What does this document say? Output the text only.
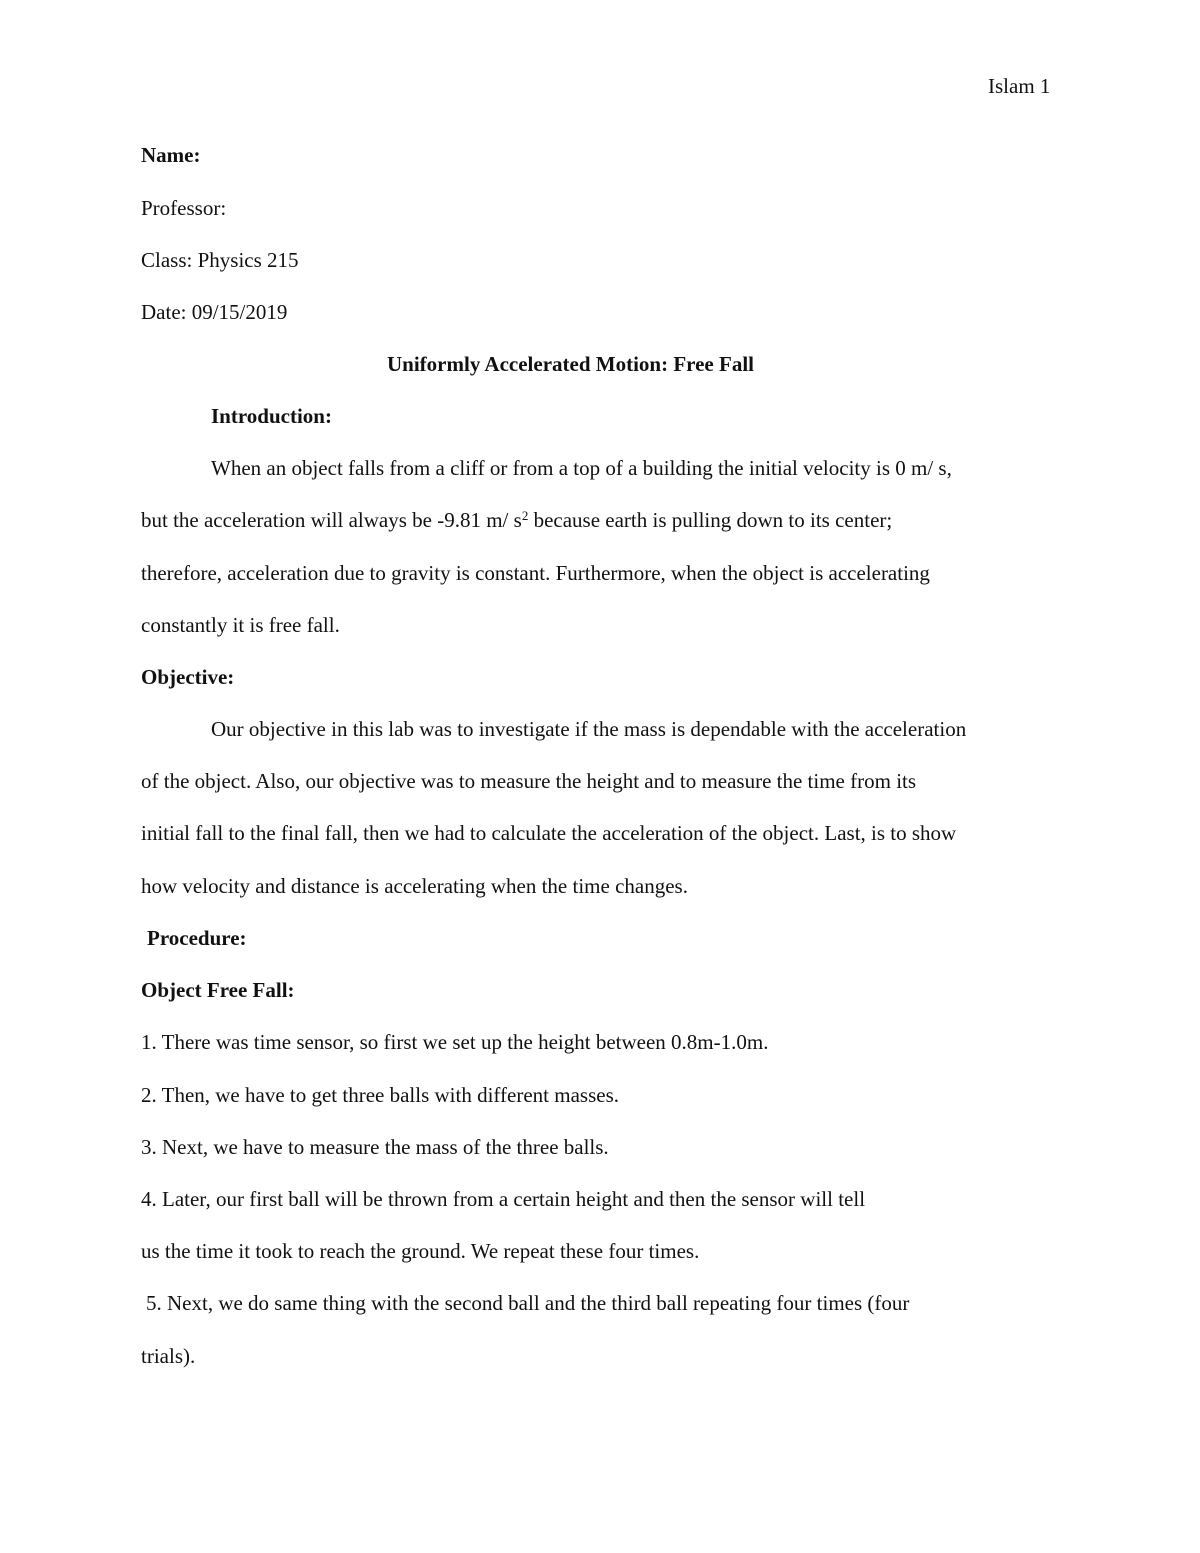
Islam 1
Name:
Professor:
Class: Physics 215
Date: 09/15/2019
Uniformly Accelerated Motion: Free Fall
Introduction:
When an object falls from a cliff or from a top of a building the initial velocity is 0 m/ s,
but the acceleration will always be -9.81 m/ $s^2$ because earth is pulling down to its center;
therefore, acceleration due to gravity is constant. Furthermore, when the object is accelerating
constantly it is free fall.
Objective:
Our objective in this lab was to investigate if the mass is dependable with the acceleration
of the object. Also, our objective was to measure the height and to measure the time from its
initial fall to the final fall, then we had to calculate the acceleration of the object. Last, is to show
how velocity and distance is accelerating when the time changes.
Procedure:
Object Free Fall:
1. There was time sensor, so first we set up the height between 0.8m-1.0m.
2. Then, we have to get three balls with different masses.
3. Next, we have to measure the mass of the three balls.
4. Later, our first ball will be thrown from a certain height and then the sensor will tell
us the time it took to reach the ground. We repeat these four times.
5. Next, we do same thing with the second ball and the third ball repeating four times (four
trials).
